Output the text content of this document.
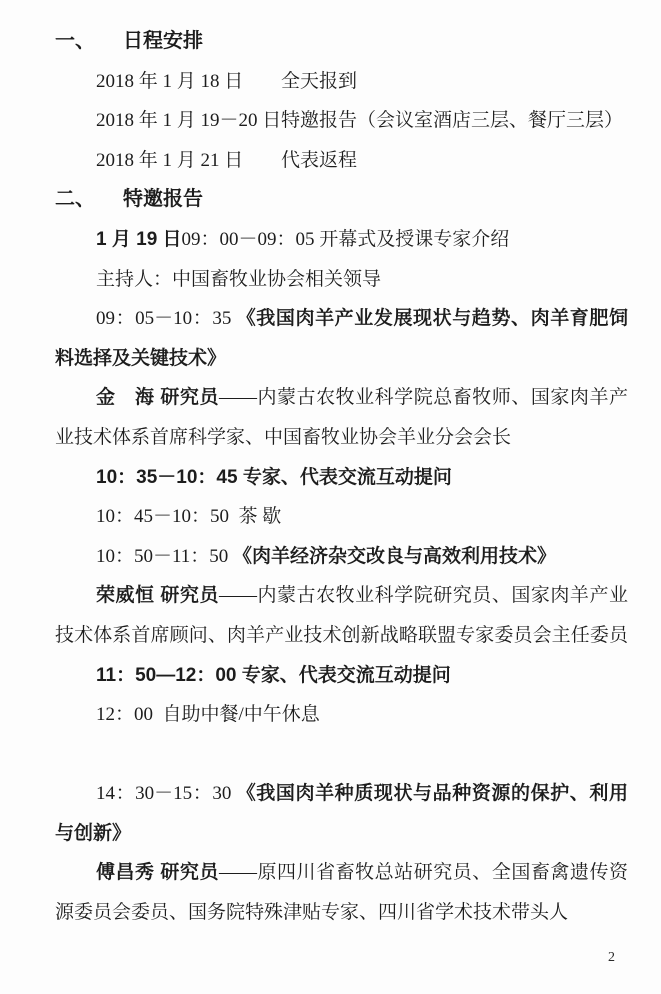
一、 日程安排
2018 年 1 月 18 日 全天报到
2018 年 1 月 19－20 日特邀报告（会议室酒店三层、餐厅三层）
2018 年 1 月 21 日 代表返程
二、 特邀报告
1 月 19 日09：00－09：05 开幕式及授课专家介绍
主持人：中国畜牧业协会相关领导
09：05－10：35 《我国肉羊产业发展现状与趋势、肉羊育肥饲
料选择及关键技术》
金　海 研究员——内蒙古农牧业科学院总畜牧师、国家肉羊产
业技术体系首席科学家、中国畜牧业协会羊业分会会长
10：35－10：45 专家、代表交流互动提问
10：45－10：50  茶 歇
10：50－11：50 《肉羊经济杂交改良与高效利用技术》
荣威恒 研究员——内蒙古农牧业科学院研究员、国家肉羊产业
技术体系首席顾问、肉羊产业技术创新战略联盟专家委员会主任委员
11：50—12：00 专家、代表交流互动提问
12：00  自助中餐/中午休息

14：30－15：30 《我国肉羊种质现状与品种资源的保护、利用
与创新》
傅昌秀 研究员——原四川省畜牧总站研究员、全国畜禽遗传资
源委员会委员、国务院特殊津贴专家、四川省学术技术带头人
2
